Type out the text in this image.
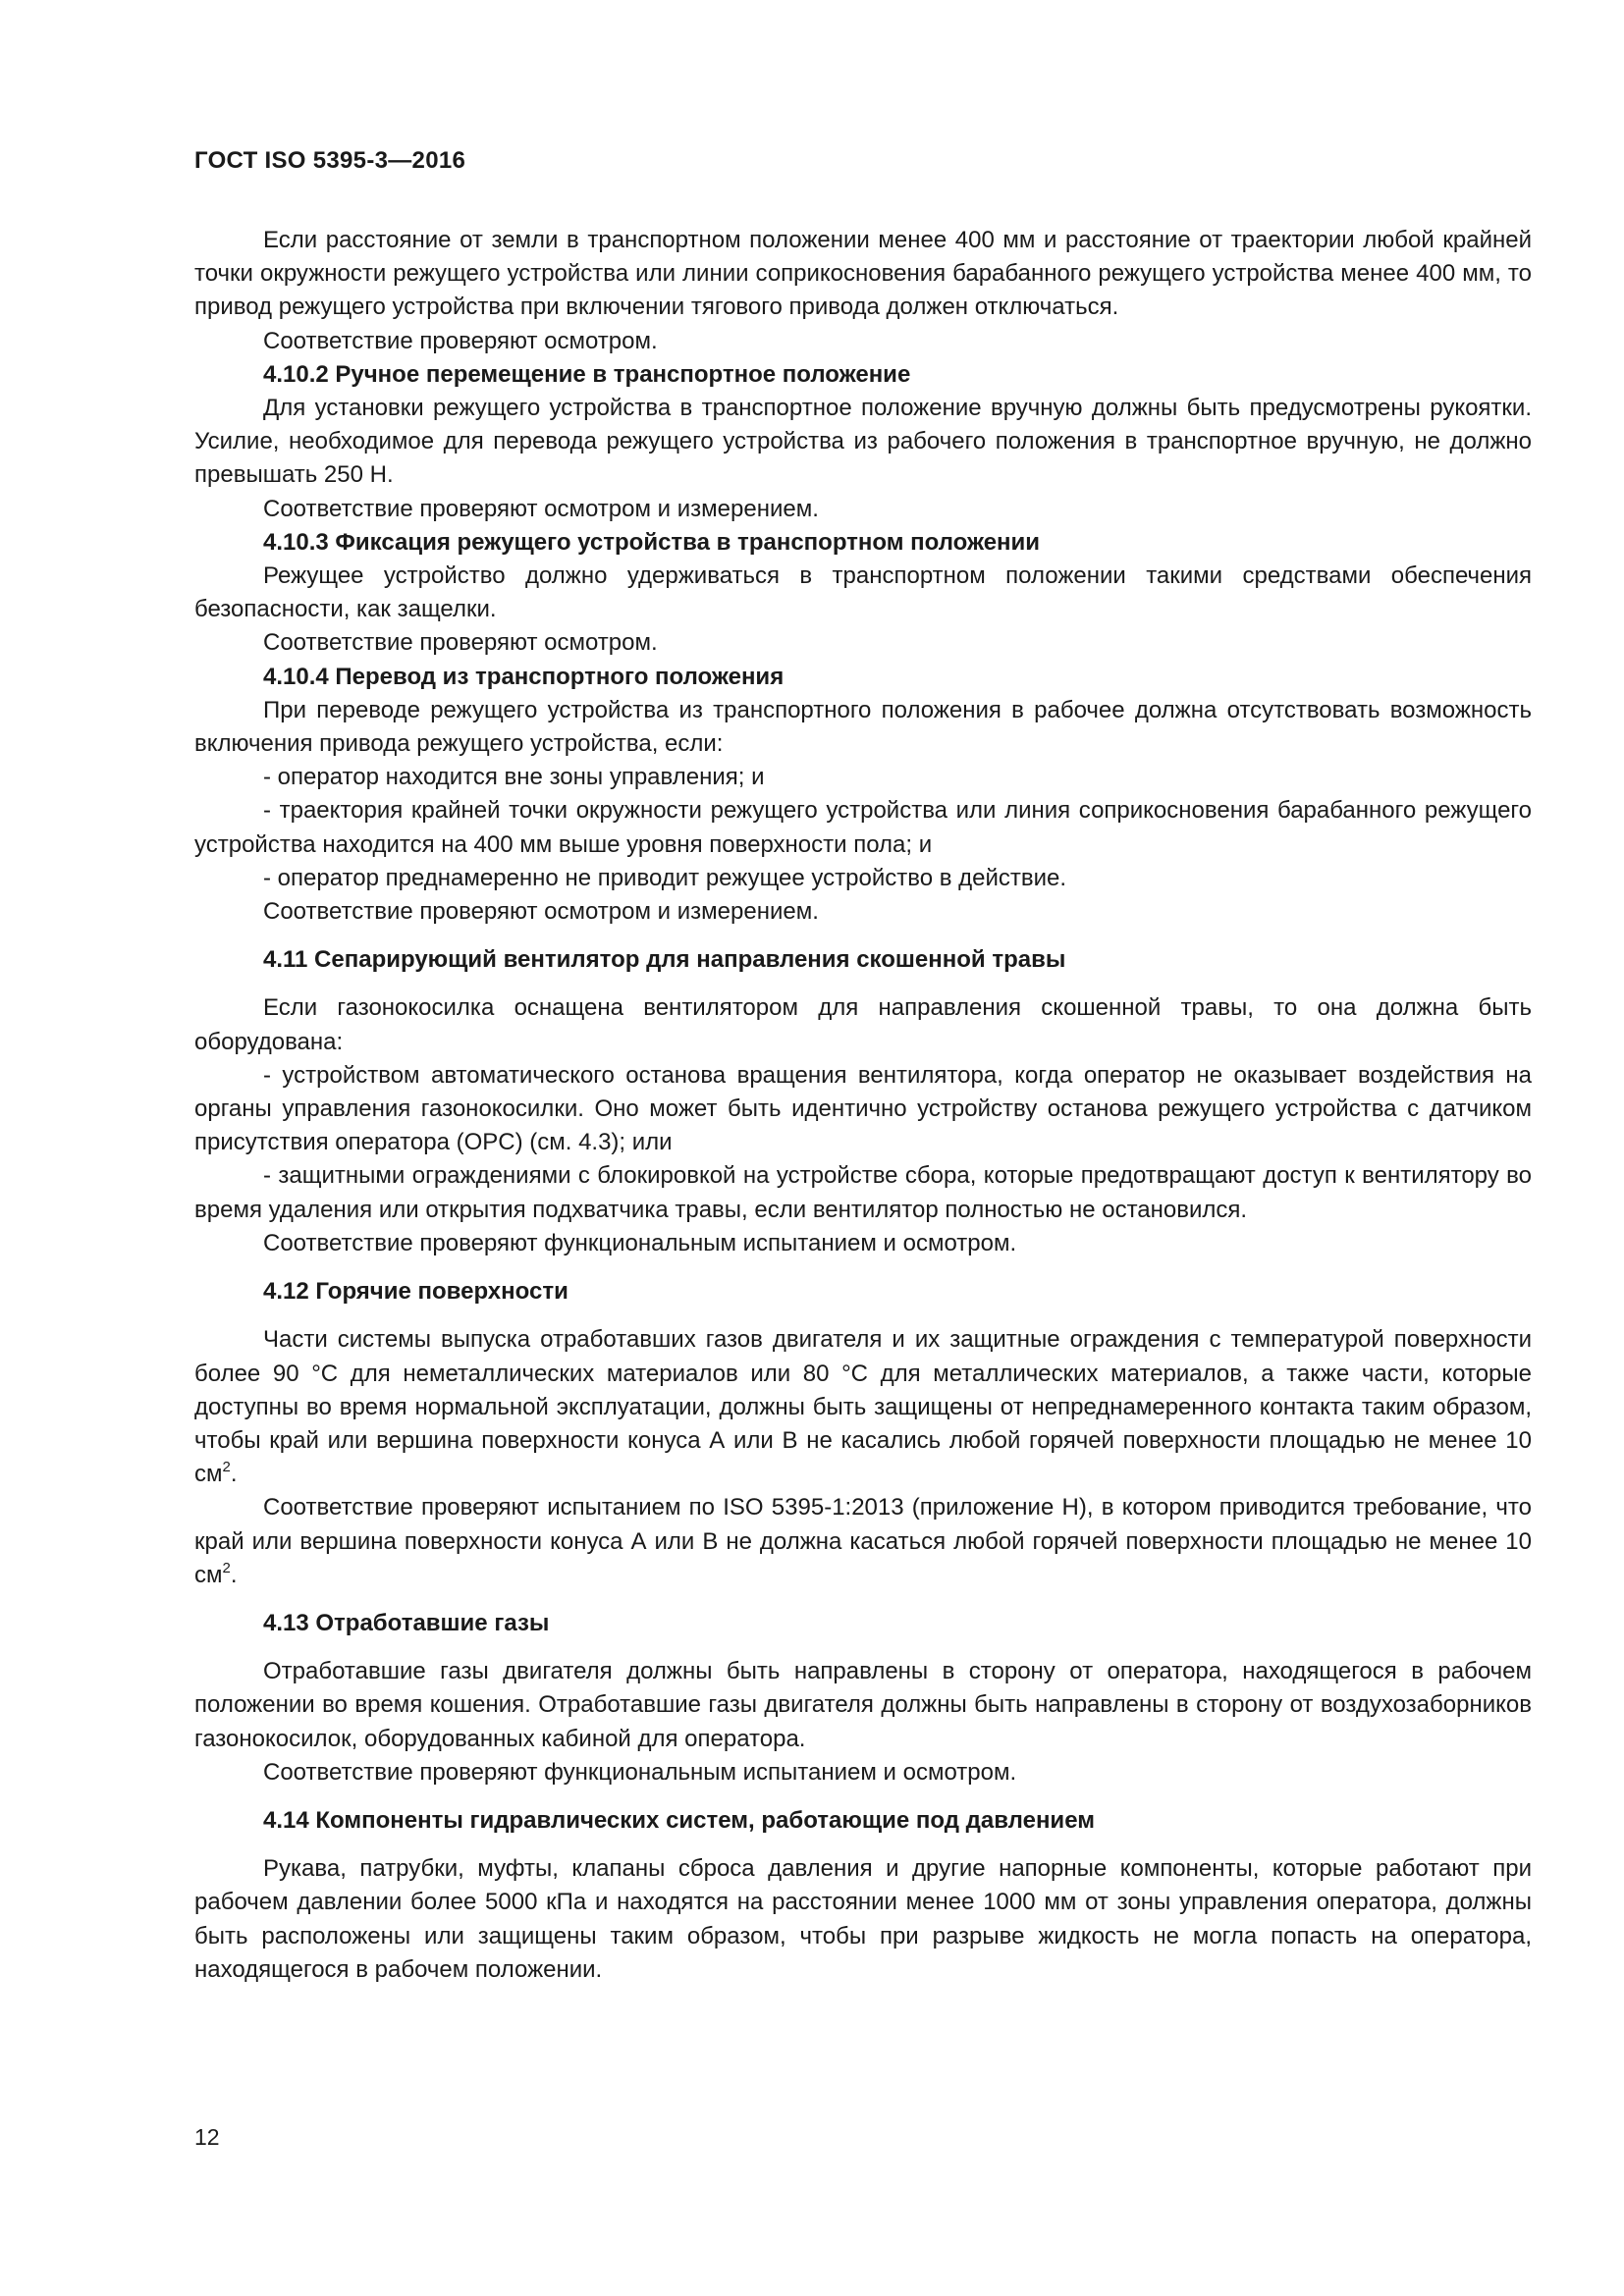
ГОСТ ISO 5395-3—2016

Если расстояние от земли в транспортном положении менее 400 мм и расстояние от траектории любой крайней точки окружности режущего устройства или линии соприкосновения барабанного режущего устройства менее 400 мм, то привод режущего устройства при включении тягового привода должен отключаться.

Соответствие проверяют осмотром.

4.10.2 Ручное перемещение в транспортное положение

Для установки режущего устройства в транспортное положение вручную должны быть предусмотрены рукоятки. Усилие, необходимое для перевода режущего устройства из рабочего положения в транспортное вручную, не должно превышать 250 Н.

Соответствие проверяют осмотром и измерением.

4.10.3 Фиксация режущего устройства в транспортном положении

Режущее устройство должно удерживаться в транспортном положении такими средствами обеспечения безопасности, как защелки.

Соответствие проверяют осмотром.

4.10.4 Перевод из транспортного положения

При переводе режущего устройства из транспортного положения в рабочее должна отсутствовать возможность включения привода режущего устройства, если:

- оператор находится вне зоны управления; и

- траектория крайней точки окружности режущего устройства или линия соприкосновения барабанного режущего устройства находится на 400 мм выше уровня поверхности пола; и

- оператор преднамеренно не приводит режущее устройство в действие.

Соответствие проверяют осмотром и измерением.

4.11 Сепарирующий вентилятор для направления скошенной травы

Если газонокосилка оснащена вентилятором для направления скошенной травы, то она должна быть оборудована:

- устройством автоматического останова вращения вентилятора, когда оператор не оказывает воздействия на органы управления газонокосилки. Оно может быть идентично устройству останова режущего устройства с датчиком присутствия оператора (OPC) (см. 4.3); или

- защитными ограждениями с блокировкой на устройстве сбора, которые предотвращают доступ к вентилятору во время удаления или открытия подхватчика травы, если вентилятор полностью не остановился.

Соответствие проверяют функциональным испытанием и осмотром.

4.12 Горячие поверхности

Части системы выпуска отработавших газов двигателя и их защитные ограждения с температурой поверхности более 90 °С для неметаллических материалов или 80 °С для металлических материалов, а также части, которые доступны во время нормальной эксплуатации, должны быть защищены от непреднамеренного контакта таким образом, чтобы край или вершина поверхности конуса А или В не касались любой горячей поверхности площадью не менее 10 $см^2$.

Соответствие проверяют испытанием по ISO 5395-1:2013 (приложение Н), в котором приводится требование, что край или вершина поверхности конуса А или В не должна касаться любой горячей поверхности площадью не менее 10 $см^2$.

4.13 Отработавшие газы

Отработавшие газы двигателя должны быть направлены в сторону от оператора, находящегося в рабочем положении во время кошения. Отработавшие газы двигателя должны быть направлены в сторону от воздухозаборников газонокосилок, оборудованных кабиной для оператора.

Соответствие проверяют функциональным испытанием и осмотром.

4.14 Компоненты гидравлических систем, работающие под давлением

Рукава, патрубки, муфты, клапаны сброса давления и другие напорные компоненты, которые работают при рабочем давлении более 5000 кПа и находятся на расстоянии менее 1000 мм от зоны управления оператора, должны быть расположены или защищены таким образом, чтобы при разрыве жидкость не могла попасть на оператора, находящегося в рабочем положении.

12
